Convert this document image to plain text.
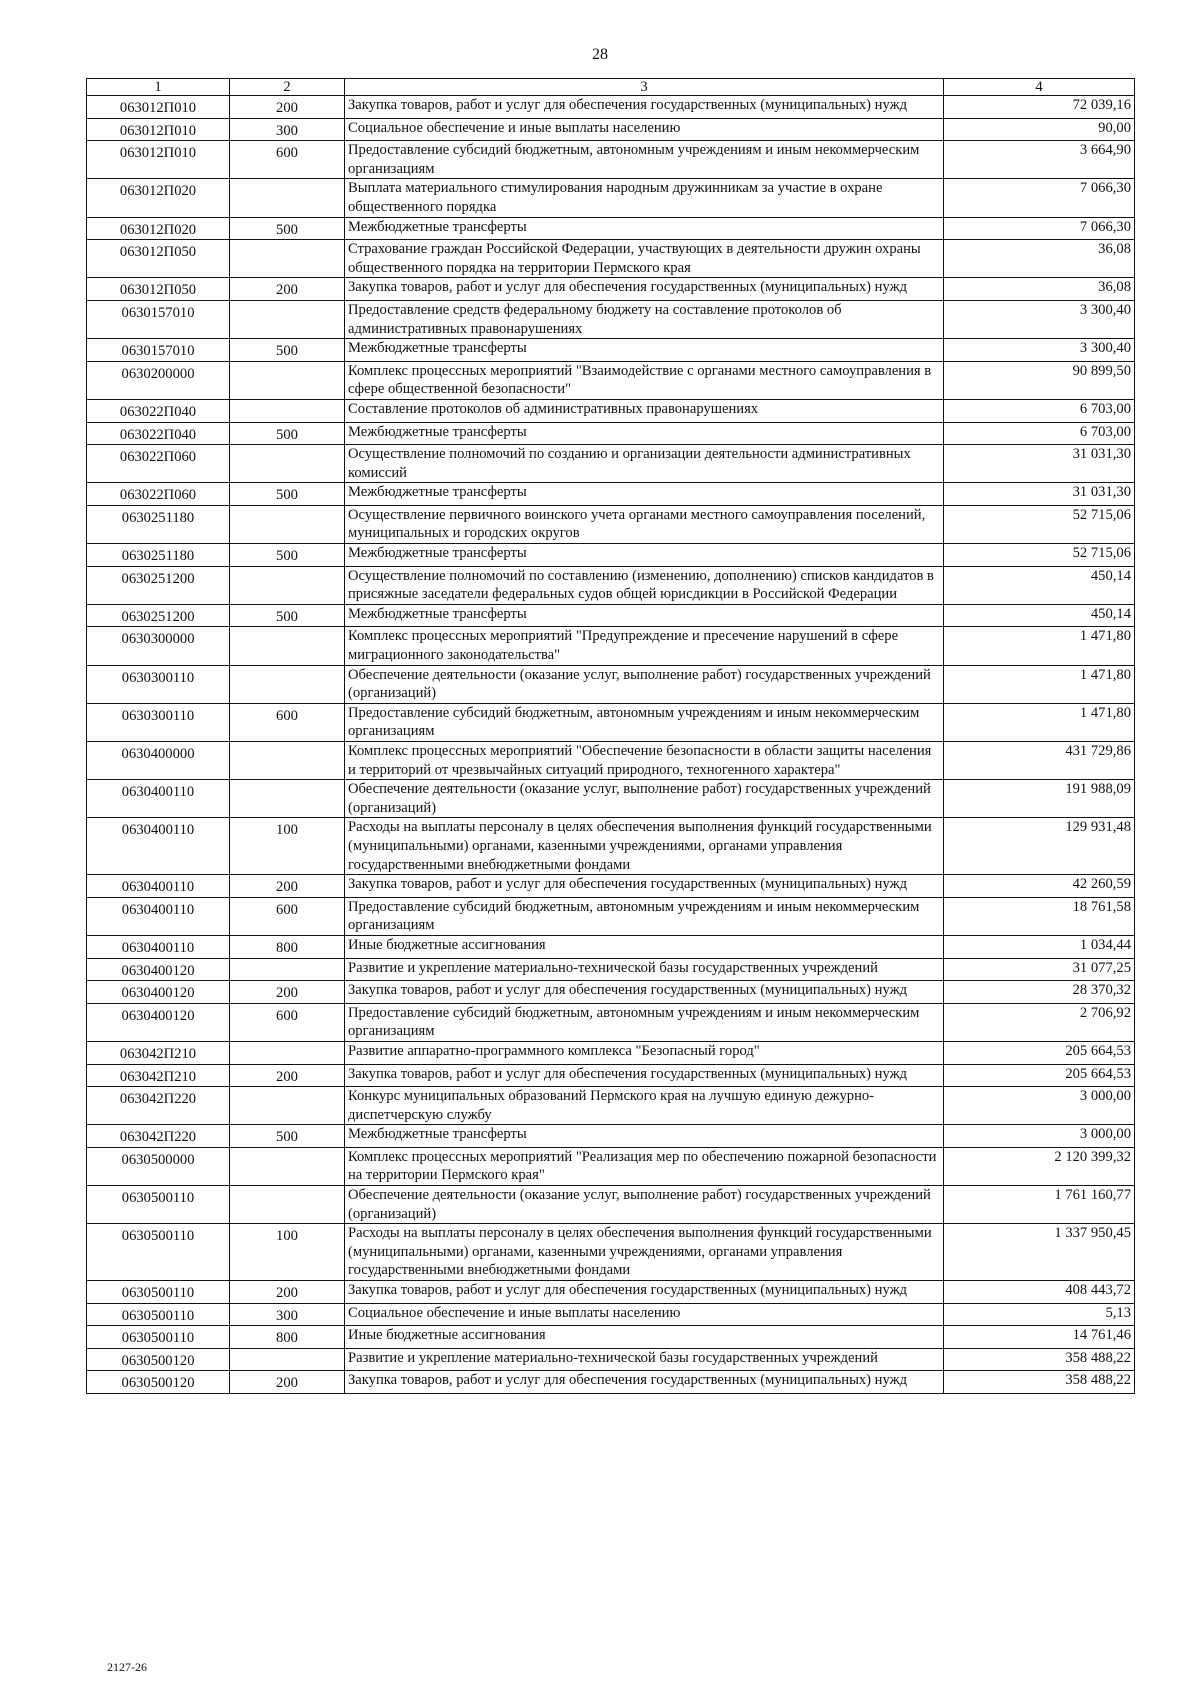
28
1	2	3	4
063012П010	200	Закупка товаров, работ и услуг для обеспечения государственных (муниципальных) нужд	72 039,16
063012П010	300	Социальное обеспечение и иные выплаты населению	90,00
063012П010	600	Предоставление субсидий бюджетным, автономным учреждениям и иным некоммерческим организациям	3 664,90
063012П020		Выплата материального стимулирования народным дружинникам за участие в охране общественного порядка	7 066,30
063012П020	500	Межбюджетные трансферты	7 066,30
063012П050		Страхование граждан Российской Федерации, участвующих в деятельности дружин охраны общественного порядка на территории Пермского края	36,08
063012П050	200	Закупка товаров, работ и услуг для обеспечения государственных (муниципальных) нужд	36,08
0630157010		Предоставление средств федеральному бюджету на составление протоколов об административных правонарушениях	3 300,40
0630157010	500	Межбюджетные трансферты	3 300,40
0630200000		Комплекс процессных мероприятий "Взаимодействие с органами местного самоуправления в сфере общественной безопасности"	90 899,50
063022П040		Составление протоколов об административных правонарушениях	6 703,00
063022П040	500	Межбюджетные трансферты	6 703,00
063022П060		Осуществление полномочий по созданию и организации деятельности административных комиссий	31 031,30
063022П060	500	Межбюджетные трансферты	31 031,30
0630251180		Осуществление первичного воинского учета органами местного самоуправления поселений, муниципальных и городских округов	52 715,06
0630251180	500	Межбюджетные трансферты	52 715,06
0630251200		Осуществление полномочий по составлению (изменению, дополнению) списков кандидатов в присяжные заседатели федеральных судов общей юрисдикции в Российской Федерации	450,14
0630251200	500	Межбюджетные трансферты	450,14
0630300000		Комплекс процессных мероприятий "Предупреждение и пресечение нарушений в сфере миграционного законодательства"	1 471,80
0630300110		Обеспечение деятельности (оказание услуг, выполнение работ) государственных учреждений (организаций)	1 471,80
0630300110	600	Предоставление субсидий бюджетным, автономным учреждениям и иным некоммерческим организациям	1 471,80
0630400000		Комплекс процессных мероприятий "Обеспечение безопасности в области защиты населения и территорий от чрезвычайных ситуаций природного, техногенного характера"	431 729,86
0630400110		Обеспечение деятельности (оказание услуг, выполнение работ) государственных учреждений (организаций)	191 988,09
0630400110	100	Расходы на выплаты персоналу в целях обеспечения выполнения функций государственными (муниципальными) органами, казенными учреждениями, органами управления государственными внебюджетными фондами	129 931,48
0630400110	200	Закупка товаров, работ и услуг для обеспечения государственных (муниципальных) нужд	42 260,59
0630400110	600	Предоставление субсидий бюджетным, автономным учреждениям и иным некоммерческим организациям	18 761,58
0630400110	800	Иные бюджетные ассигнования	1 034,44
0630400120		Развитие и укрепление материально-технической базы государственных учреждений	31 077,25
0630400120	200	Закупка товаров, работ и услуг для обеспечения государственных (муниципальных) нужд	28 370,32
0630400120	600	Предоставление субсидий бюджетным, автономным учреждениям и иным некоммерческим организациям	2 706,92
063042П210		Развитие аппаратно-программного комплекса "Безопасный город"	205 664,53
063042П210	200	Закупка товаров, работ и услуг для обеспечения государственных (муниципальных) нужд	205 664,53
063042П220		Конкурс муниципальных образований Пермского края на лучшую единую дежурно-диспетчерскую службу	3 000,00
063042П220	500	Межбюджетные трансферты	3 000,00
0630500000		Комплекс процессных мероприятий "Реализация мер по обеспечению пожарной безопасности на территории Пермского края"	2 120 399,32
0630500110		Обеспечение деятельности (оказание услуг, выполнение работ) государственных учреждений (организаций)	1 761 160,77
0630500110	100	Расходы на выплаты персоналу в целях обеспечения выполнения функций государственными (муниципальными) органами, казенными учреждениями, органами управления государственными внебюджетными фондами	1 337 950,45
0630500110	200	Закупка товаров, работ и услуг для обеспечения государственных (муниципальных) нужд	408 443,72
0630500110	300	Социальное обеспечение и иные выплаты населению	5,13
0630500110	800	Иные бюджетные ассигнования	14 761,46
0630500120		Развитие и укрепление материально-технической базы государственных учреждений	358 488,22
0630500120	200	Закупка товаров, работ и услуг для обеспечения государственных (муниципальных) нужд	358 488,22
2127-26
